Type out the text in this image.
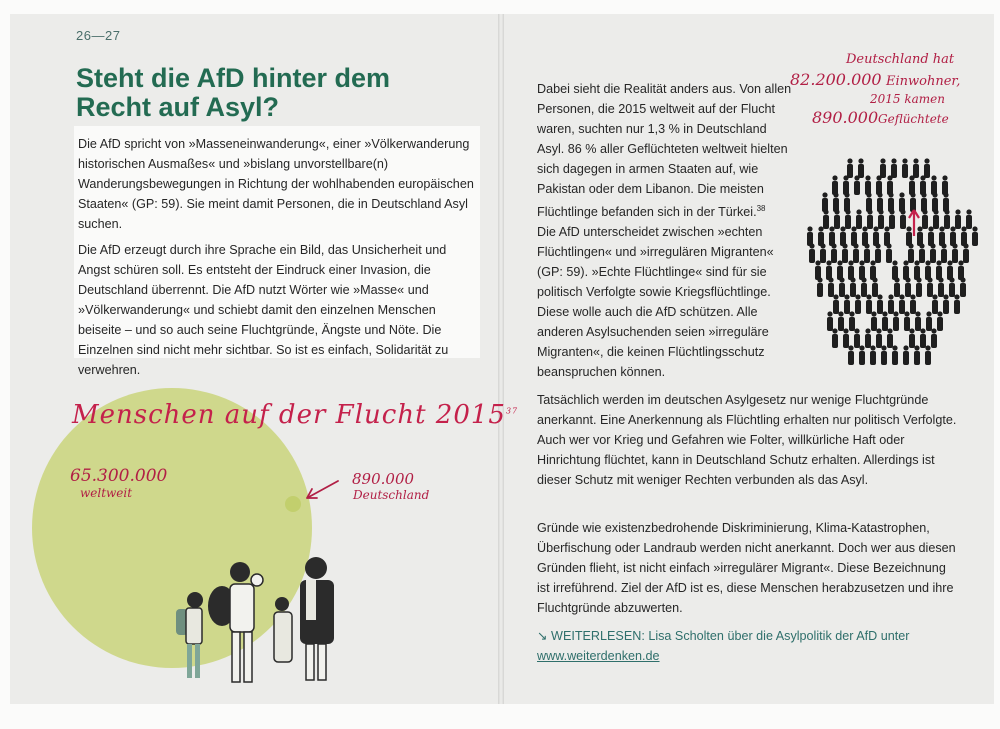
26—27
Steht die AfD hinter dem Recht auf Asyl?

Die AfD spricht von »Masseneinwanderung«, einer »Völkerwanderung historischen Ausmaßes« und »bislang unvorstellbare(n) Wanderungsbewegungen in Richtung der wohlhabenden europäischen Staaten« (GP: 59). Sie meint damit Personen, die in Deutschland Asyl suchen.

Die AfD erzeugt durch ihre Sprache ein Bild, das Unsicherheit und Angst schüren soll. Es entsteht der Eindruck einer Invasion, die Deutschland überrennt. Die AfD nutzt Wörter wie »Masse« und »Völkerwanderung« und schiebt damit den einzelnen Menschen beiseite – und so auch seine Fluchtgründe, Ängste und Nöte. Die Einzelnen sind nicht mehr sichtbar. So ist es einfach, Solidarität zu verwehren.

Menschen auf der Flucht 2015$^{37}$
65.300.000
weltweit
890.000
Deutschland

Dabei sieht die Realität anders aus. Von allen Personen, die 2015 weltweit auf der Flucht waren, suchten nur 1,3 % in Deutschland Asyl. 86 % aller Geflüchteten weltweit hielten sich dagegen in armen Staaten auf, wie Pakistan oder dem Libanon. Die meisten Flüchtlinge befanden sich in der Türkei.$^{38}$

Die AfD unterscheidet zwischen »echten Flüchtlingen« und »irregulären Migranten« (GP: 59). »Echte Flüchtlinge« sind für sie politisch Verfolgte sowie Kriegsflüchtlinge. Diese wolle auch die AfD schützen. Alle anderen Asylsuchenden seien »irreguläre Migranten«, die keinen Flüchtlingsschutz beanspruchen können.

Tatsächlich werden im deutschen Asylgesetz nur wenige Fluchtgründe anerkannt. Eine Anerkennung als Flüchtling erhalten nur politisch Verfolgte. Auch wer vor Krieg und Gefahren wie Folter, willkürliche Haft oder Hinrichtung flüchtet, kann in Deutschland Schutz erhalten. Allerdings ist dieser Schutz mit weniger Rechten verbunden als das Asyl.

Gründe wie existenzbedrohende Diskriminierung, Klima-Katastrophen, Überfischung oder Landraub werden nicht anerkannt. Doch wer aus diesen Gründen flieht, ist nicht einfach »irregulärer Migrant«. Diese Bezeichnung ist irreführend. Ziel der AfD ist es, diese Menschen herabzusetzen und ihre Fluchtgründe abzuwerten.

↘ WEITERLESEN: Lisa Scholten über die Asylpolitik der AfD unter
www.weiterdenken.de
Deutschland hat
82.200.000 Einwohner,
2015 kamen
890.000 Geflüchtete
